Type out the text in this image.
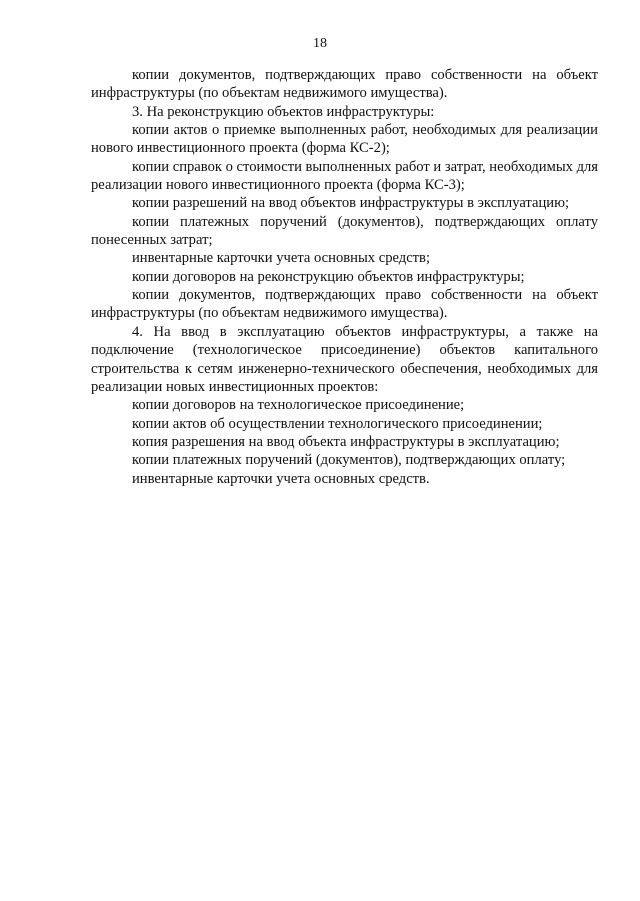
18

копии документов, подтверждающих право собственности на объект инфраструктуры (по объектам недвижимого имущества).

3. На реконструкцию объектов инфраструктуры:

копии актов о приемке выполненных работ, необходимых для реализации нового инвестиционного проекта (форма КС-2);

копии справок о стоимости выполненных работ и затрат, необходимых для реализации нового инвестиционного проекта (форма КС-3);

копии разрешений на ввод объектов инфраструктуры в эксплуатацию;

копии платежных поручений (документов), подтверждающих оплату понесенных затрат;

инвентарные карточки учета основных средств;

копии договоров на реконструкцию объектов инфраструктуры;

копии документов, подтверждающих право собственности на объект инфраструктуры (по объектам недвижимого имущества).

4. На ввод в эксплуатацию объектов инфраструктуры, а также на подключение (технологическое присоединение) объектов капитального строительства к сетям инженерно-технического обеспечения, необходимых для реализации новых инвестиционных проектов:

копии договоров на технологическое присоединение;

копии актов об осуществлении технологического присоединении;

копия разрешения на ввод объекта инфраструктуры в эксплуатацию;

копии платежных поручений (документов), подтверждающих оплату;

инвентарные карточки учета основных средств.
